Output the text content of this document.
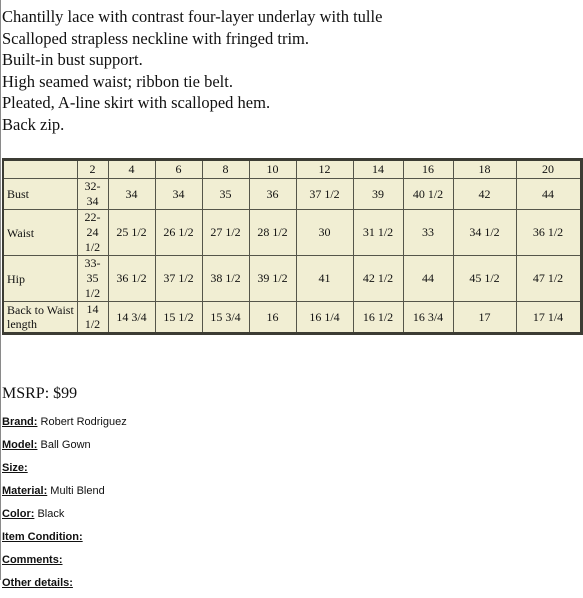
Chantilly lace with contrast four-layer underlay with tulle
Scalloped strapless neckline with fringed trim.
Built-in bust support.
High seamed waist; ribbon tie belt.
Pleated, A-line skirt with scalloped hem.
Back zip.
	2	4	6	8	10	12	14	16	18	20
Bust	32-34	34	34	35	36	37 1/2	39	40 1/2	42	44
Waist	22-24 1/2	25 1/2	26 1/2	27 1/2	28 1/2	30	31 1/2	33	34 1/2	36 1/2
Hip	33-35 1/2	36 1/2	37 1/2	38 1/2	39 1/2	41	42 1/2	44	45 1/2	47 1/2
Back to Waist length	14 1/2	14 3/4	15 1/2	15 3/4	16	16 1/4	16 1/2	16 3/4	17	17 1/4
MSRP: $99
Brand: Robert Rodriguez
Model: Ball Gown
Size:
Material: Multi Blend
Color: Black
Item Condition:
Comments:
Other details:
